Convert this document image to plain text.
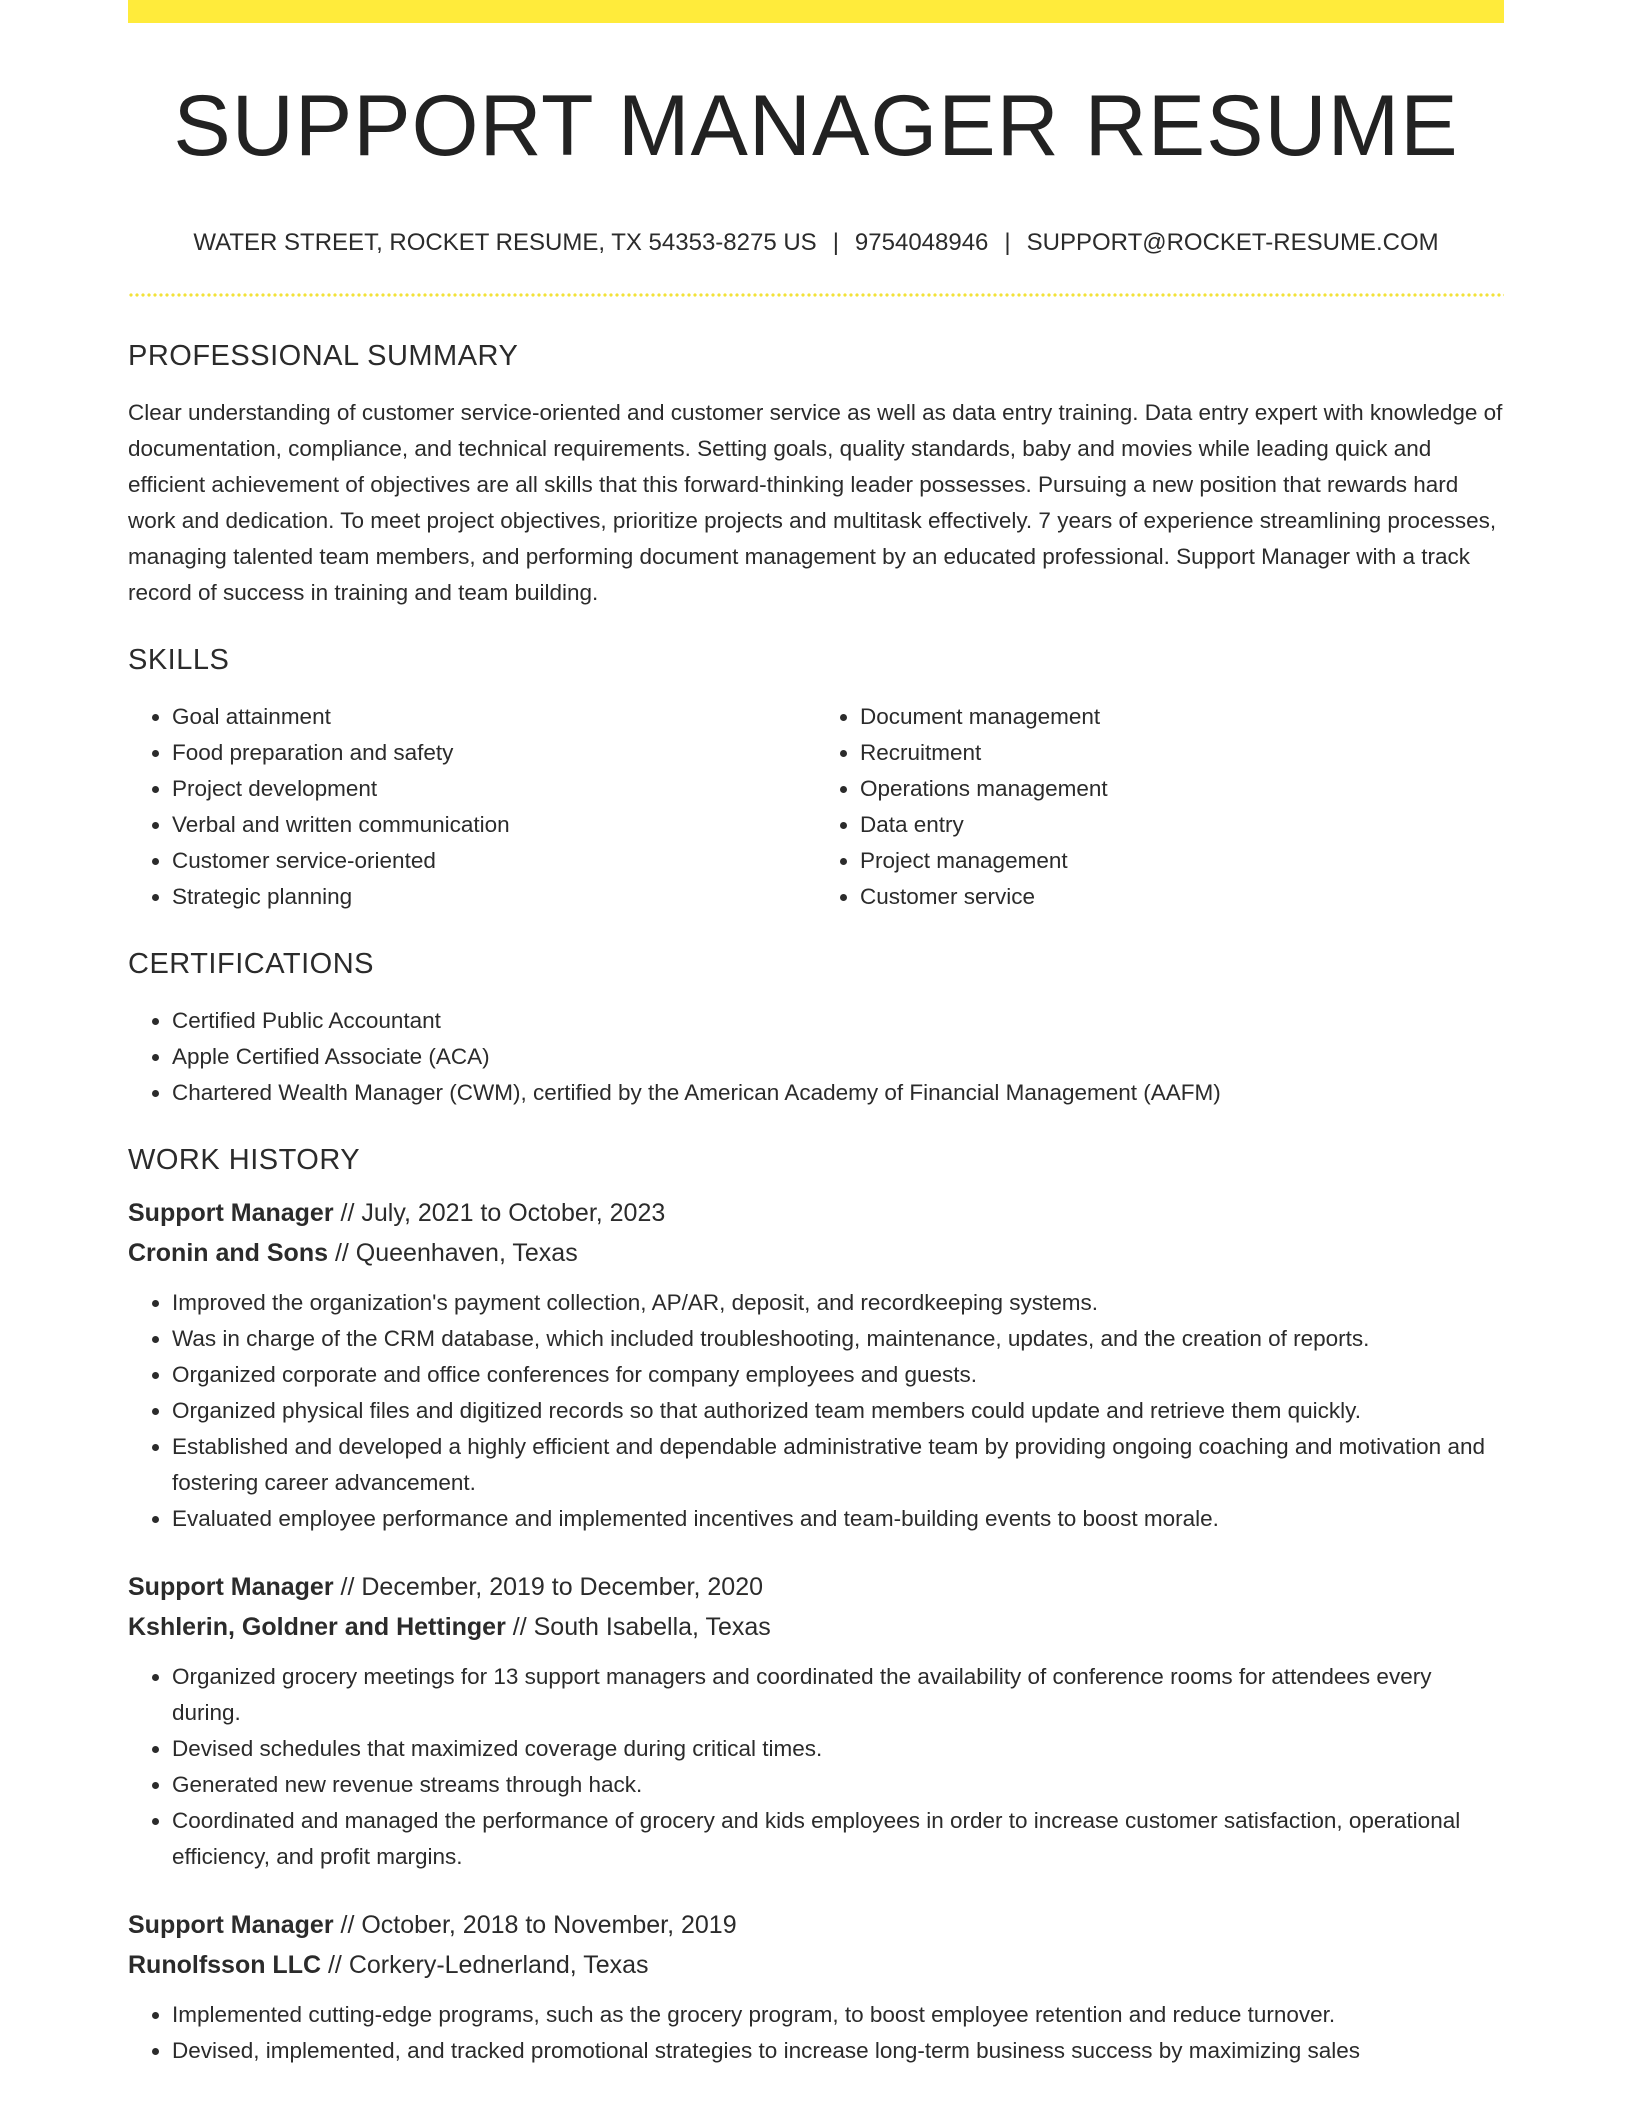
SUPPORT MANAGER RESUME
WATER STREET, ROCKET RESUME, TX 54353-8275 US | 9754048946 | SUPPORT@ROCKET-RESUME.COM
PROFESSIONAL SUMMARY
Clear understanding of customer service-oriented and customer service as well as data entry training. Data entry expert with knowledge of documentation, compliance, and technical requirements. Setting goals, quality standards, baby and movies while leading quick and efficient achievement of objectives are all skills that this forward-thinking leader possesses. Pursuing a new position that rewards hard work and dedication. To meet project objectives, prioritize projects and multitask effectively. 7 years of experience streamlining processes, managing talented team members, and performing document management by an educated professional. Support Manager with a track record of success in training and team building.
SKILLS
• Goal attainment
• Food preparation and safety
• Project development
• Verbal and written communication
• Customer service-oriented
• Strategic planning
• Document management
• Recruitment
• Operations management
• Data entry
• Project management
• Customer service
CERTIFICATIONS
• Certified Public Accountant
• Apple Certified Associate (ACA)
• Chartered Wealth Manager (CWM), certified by the American Academy of Financial Management (AAFM)
WORK HISTORY
Support Manager // July, 2021 to October, 2023
Cronin and Sons // Queenhaven, Texas
• Improved the organization's payment collection, AP/AR, deposit, and recordkeeping systems.
• Was in charge of the CRM database, which included troubleshooting, maintenance, updates, and the creation of reports.
• Organized corporate and office conferences for company employees and guests.
• Organized physical files and digitized records so that authorized team members could update and retrieve them quickly.
• Established and developed a highly efficient and dependable administrative team by providing ongoing coaching and motivation and fostering career advancement.
• Evaluated employee performance and implemented incentives and team-building events to boost morale.
Support Manager // December, 2019 to December, 2020
Kshlerin, Goldner and Hettinger // South Isabella, Texas
• Organized grocery meetings for 13 support managers and coordinated the availability of conference rooms for attendees every during.
• Devised schedules that maximized coverage during critical times.
• Generated new revenue streams through hack.
• Coordinated and managed the performance of grocery and kids employees in order to increase customer satisfaction, operational efficiency, and profit margins.
Support Manager // October, 2018 to November, 2019
Runolfsson LLC // Corkery-Lednerland, Texas
• Implemented cutting-edge programs, such as the grocery program, to boost employee retention and reduce turnover.
• Devised, implemented, and tracked promotional strategies to increase long-term business success by maximizing sales
